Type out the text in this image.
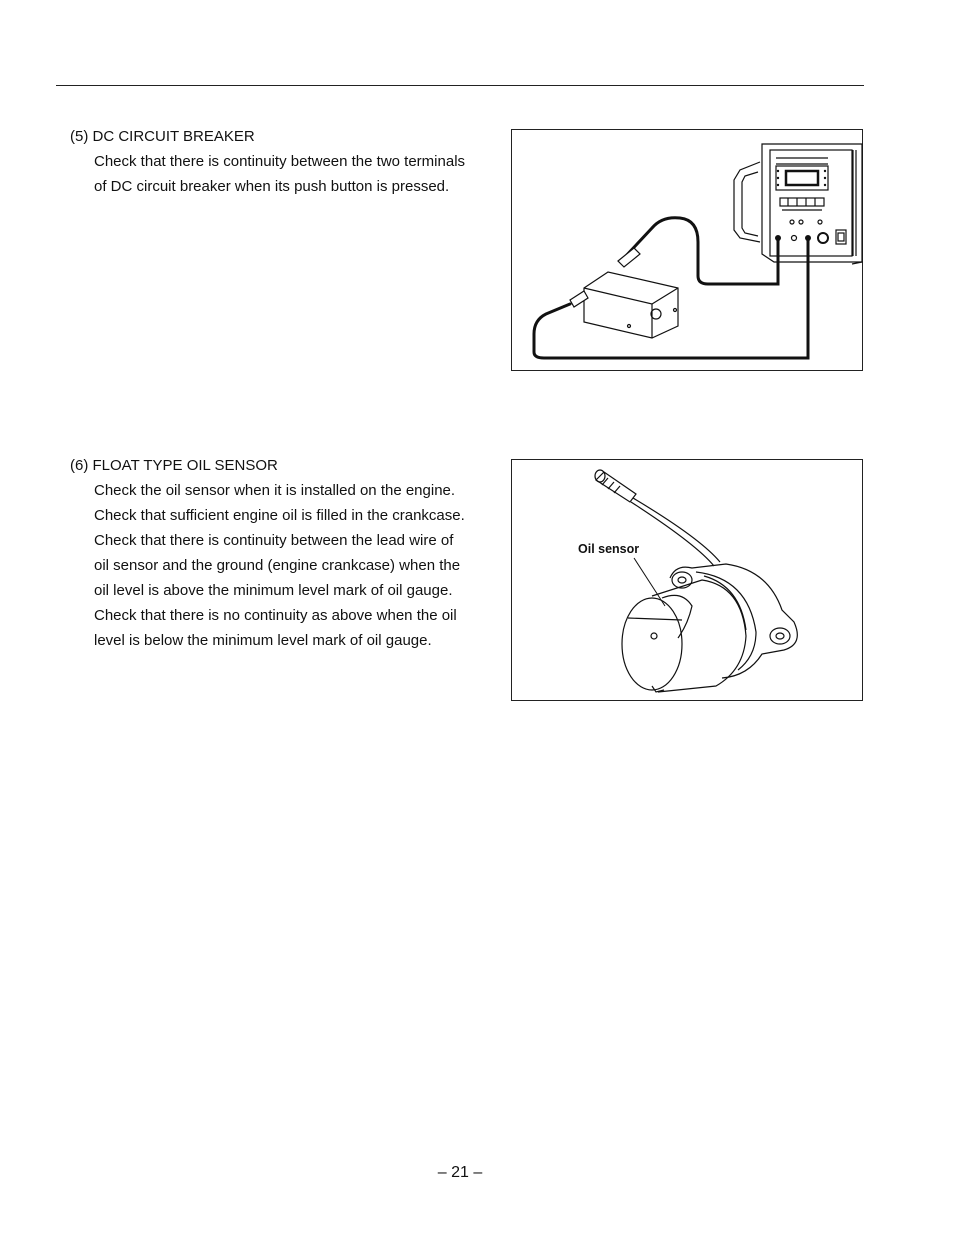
(5) DC CIRCUIT BREAKER

Check that there is continuity between the two terminals

of DC circuit breaker when its push button is pressed.

(6) FLOAT TYPE OIL SENSOR

Check the oil sensor when it is installed on the engine.

Check that sufficient engine oil is filled in the crankcase.

Check that there is continuity between the lead wire of

oil sensor and the ground (engine crankcase) when the

oil level is above the minimum level mark of oil gauge.

Check that there is no continuity as above when the oil

level is below the minimum level mark of oil gauge.

Oil sensor
– 21 –
